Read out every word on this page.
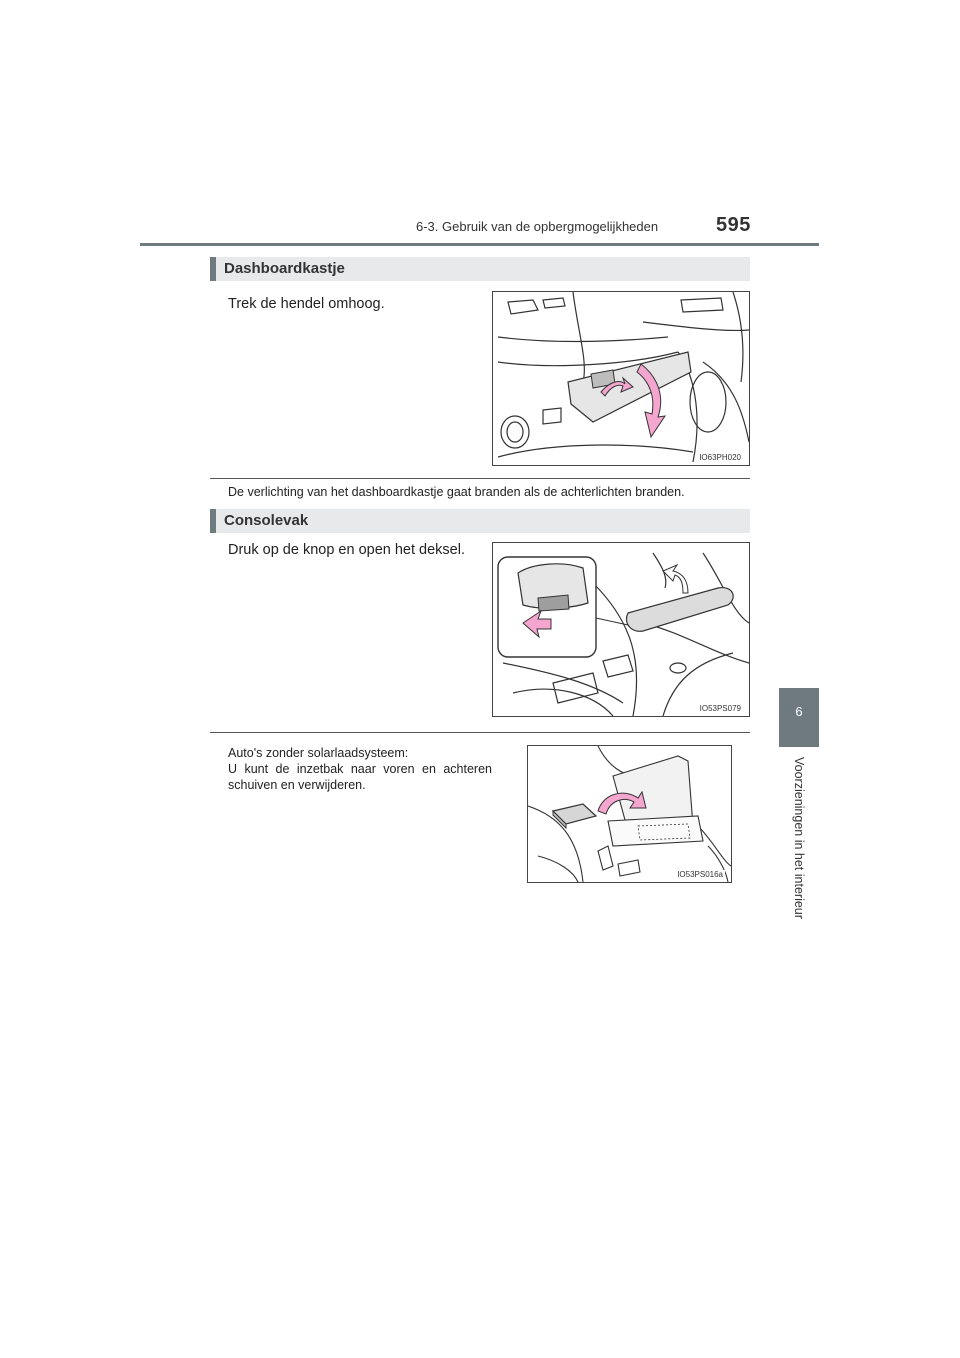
6-3. Gebruik van de opbergmogelijkheden	595
6
Voorzieningen in het interieur
Dashboardkastje
Trek de hendel omhoog.
IO63PH020
De verlichting van het dashboardkastje gaat branden als de achterlichten branden.
Consolevak
Druk op de knop en open het deksel.
IO53PS079
Auto's zonder solarlaadsysteem:
U kunt de inzetbak naar voren en achteren schuiven en verwijderen.
IO53PS016a
